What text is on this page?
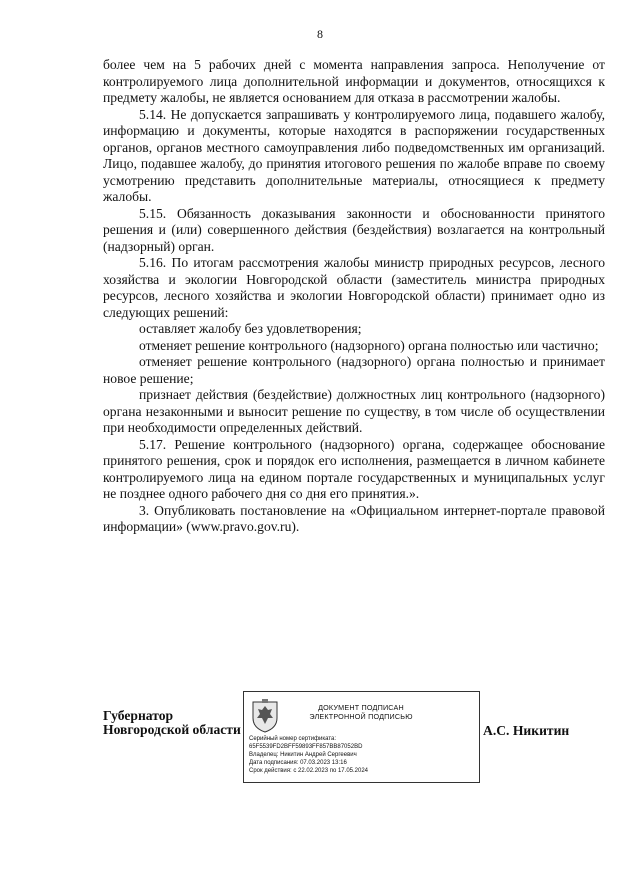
8

более чем на 5 рабочих дней с момента направления запроса. Неполучение от контролируемого лица дополнительной информации и документов, относящихся к предмету жалобы, не является основанием для отказа в рассмотрении жалобы.

5.14. Не допускается запрашивать у контролируемого лица, подавшего жалобу, информацию и документы, которые находятся в распоряжении государственных органов, органов местного самоуправления либо подведомственных им организаций. Лицо, подавшее жалобу, до принятия итогового решения по жалобе вправе по своему усмотрению представить дополнительные материалы, относящиеся к предмету жалобы.

5.15. Обязанность доказывания законности и обоснованности принятого решения и (или) совершенного действия (бездействия) возлагается на контрольный (надзорный) орган.

5.16. По итогам рассмотрения жалобы министр природных ресурсов, лесного хозяйства и экологии Новгородской области (заместитель министра природных ресурсов, лесного хозяйства и экологии Новгородской области) принимает одно из следующих решений:

оставляет жалобу без удовлетворения;

отменяет решение контрольного (надзорного) органа полностью или частично;

отменяет решение контрольного (надзорного) органа полностью и принимает новое решение;

признает действия (бездействие) должностных лиц контрольного (надзорного) органа незаконными и выносит решение по существу, в том числе об осуществлении при необходимости определенных действий.

5.17. Решение контрольного (надзорного) органа, содержащее обоснование принятого решения, срок и порядок его исполнения, размещается в личном кабинете контролируемого лица на едином портале государственных и муниципальных услуг не позднее одного рабочего дня со дня его принятия.».

3. Опубликовать постановление на «Официальном интернет-портале правовой информации» (www.pravo.gov.ru).

Губернатор
Новгородской области
ДОКУМЕНТ ПОДПИСАН
ЭЛЕКТРОННОЙ ПОДПИСЬЮ
Серийный номер сертификата:
65F5539FD2BFF59893FF857BB87052BD
Владелец: Никитин Андрей Сергеевич
Дата подписания: 07.03.2023 13:16
Срок действия: с 22.02.2023 по 17.05.2024
А.С. Никитин
